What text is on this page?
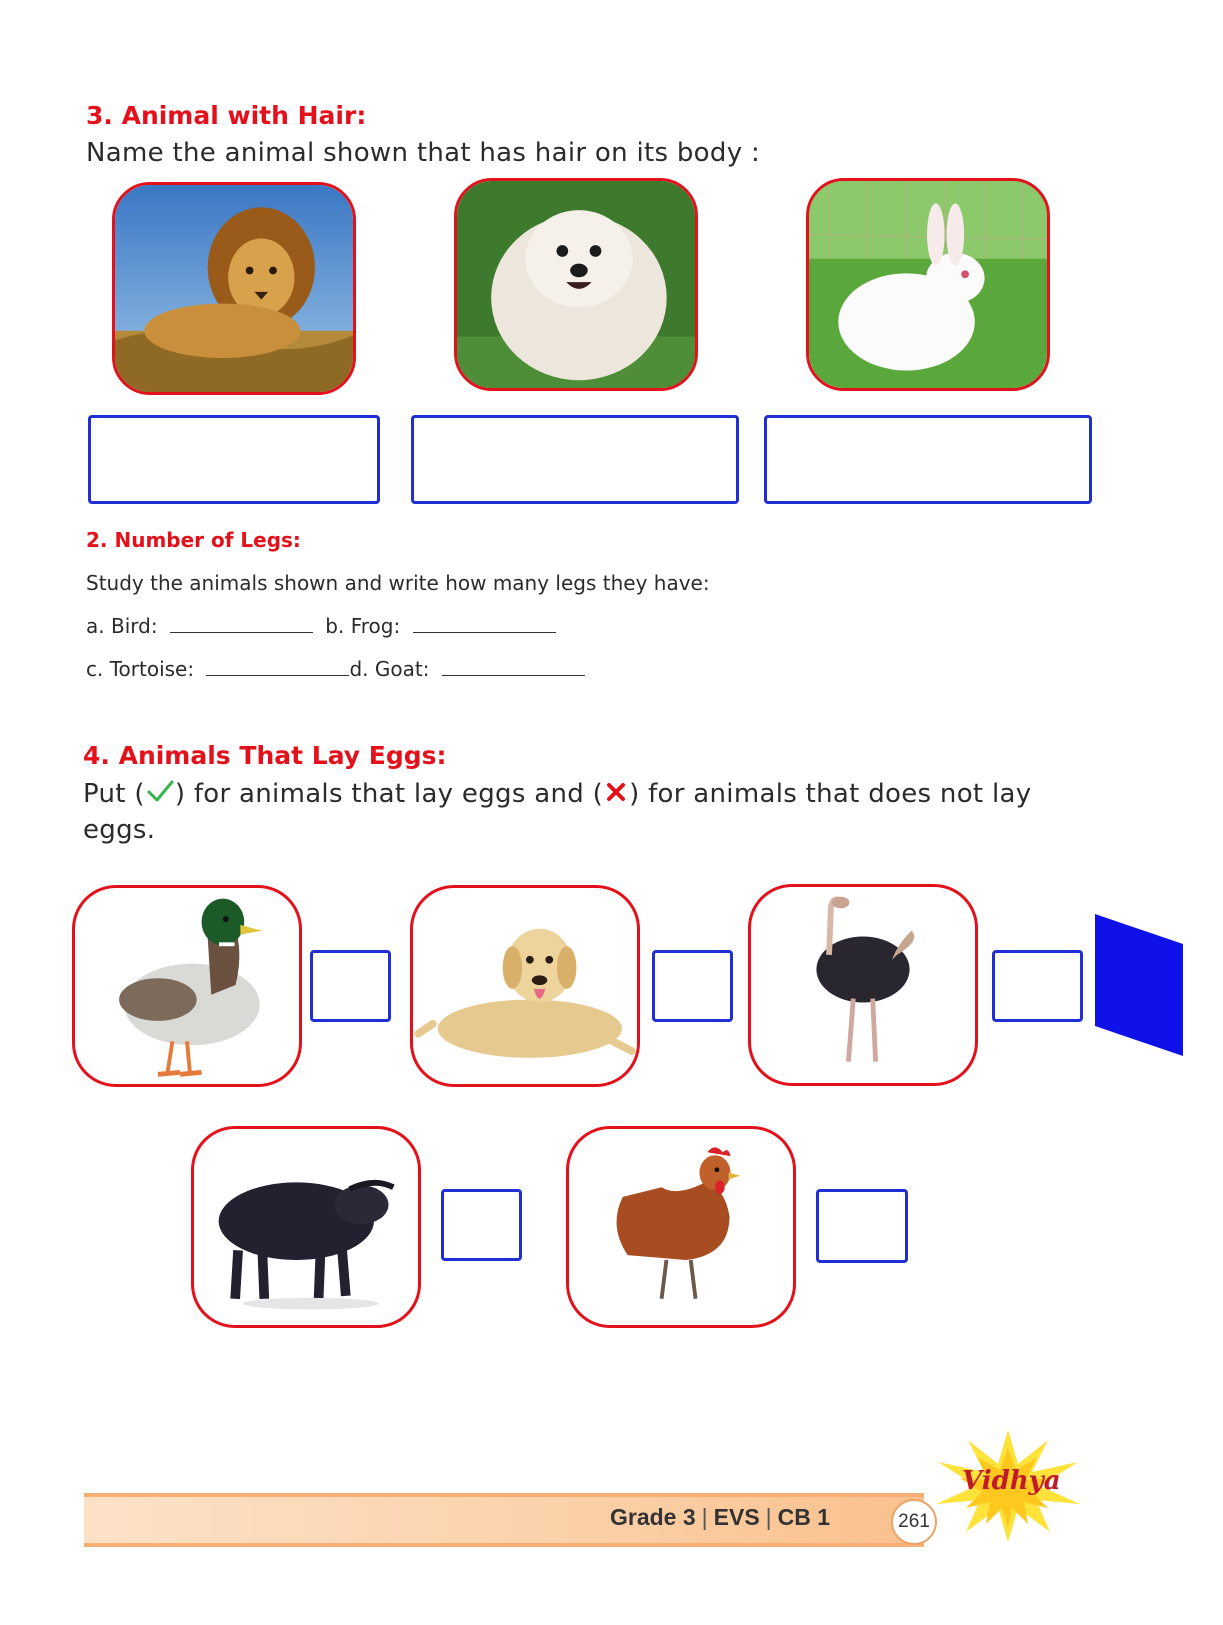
3. Animal with Hair:
Name the animal shown that has hair on its body :
2. Number of Legs:
Study the animals shown and write how many legs they have:
a. Bird:	b. Frog:
c. Tortoise:	d. Goat:
4. Animals That Lay Eggs:
Put ( ) for animals that lay eggs and ( ) for animals that does not lay
eggs.
Grade 3 | EVS | CB 1	261
Vidhya
